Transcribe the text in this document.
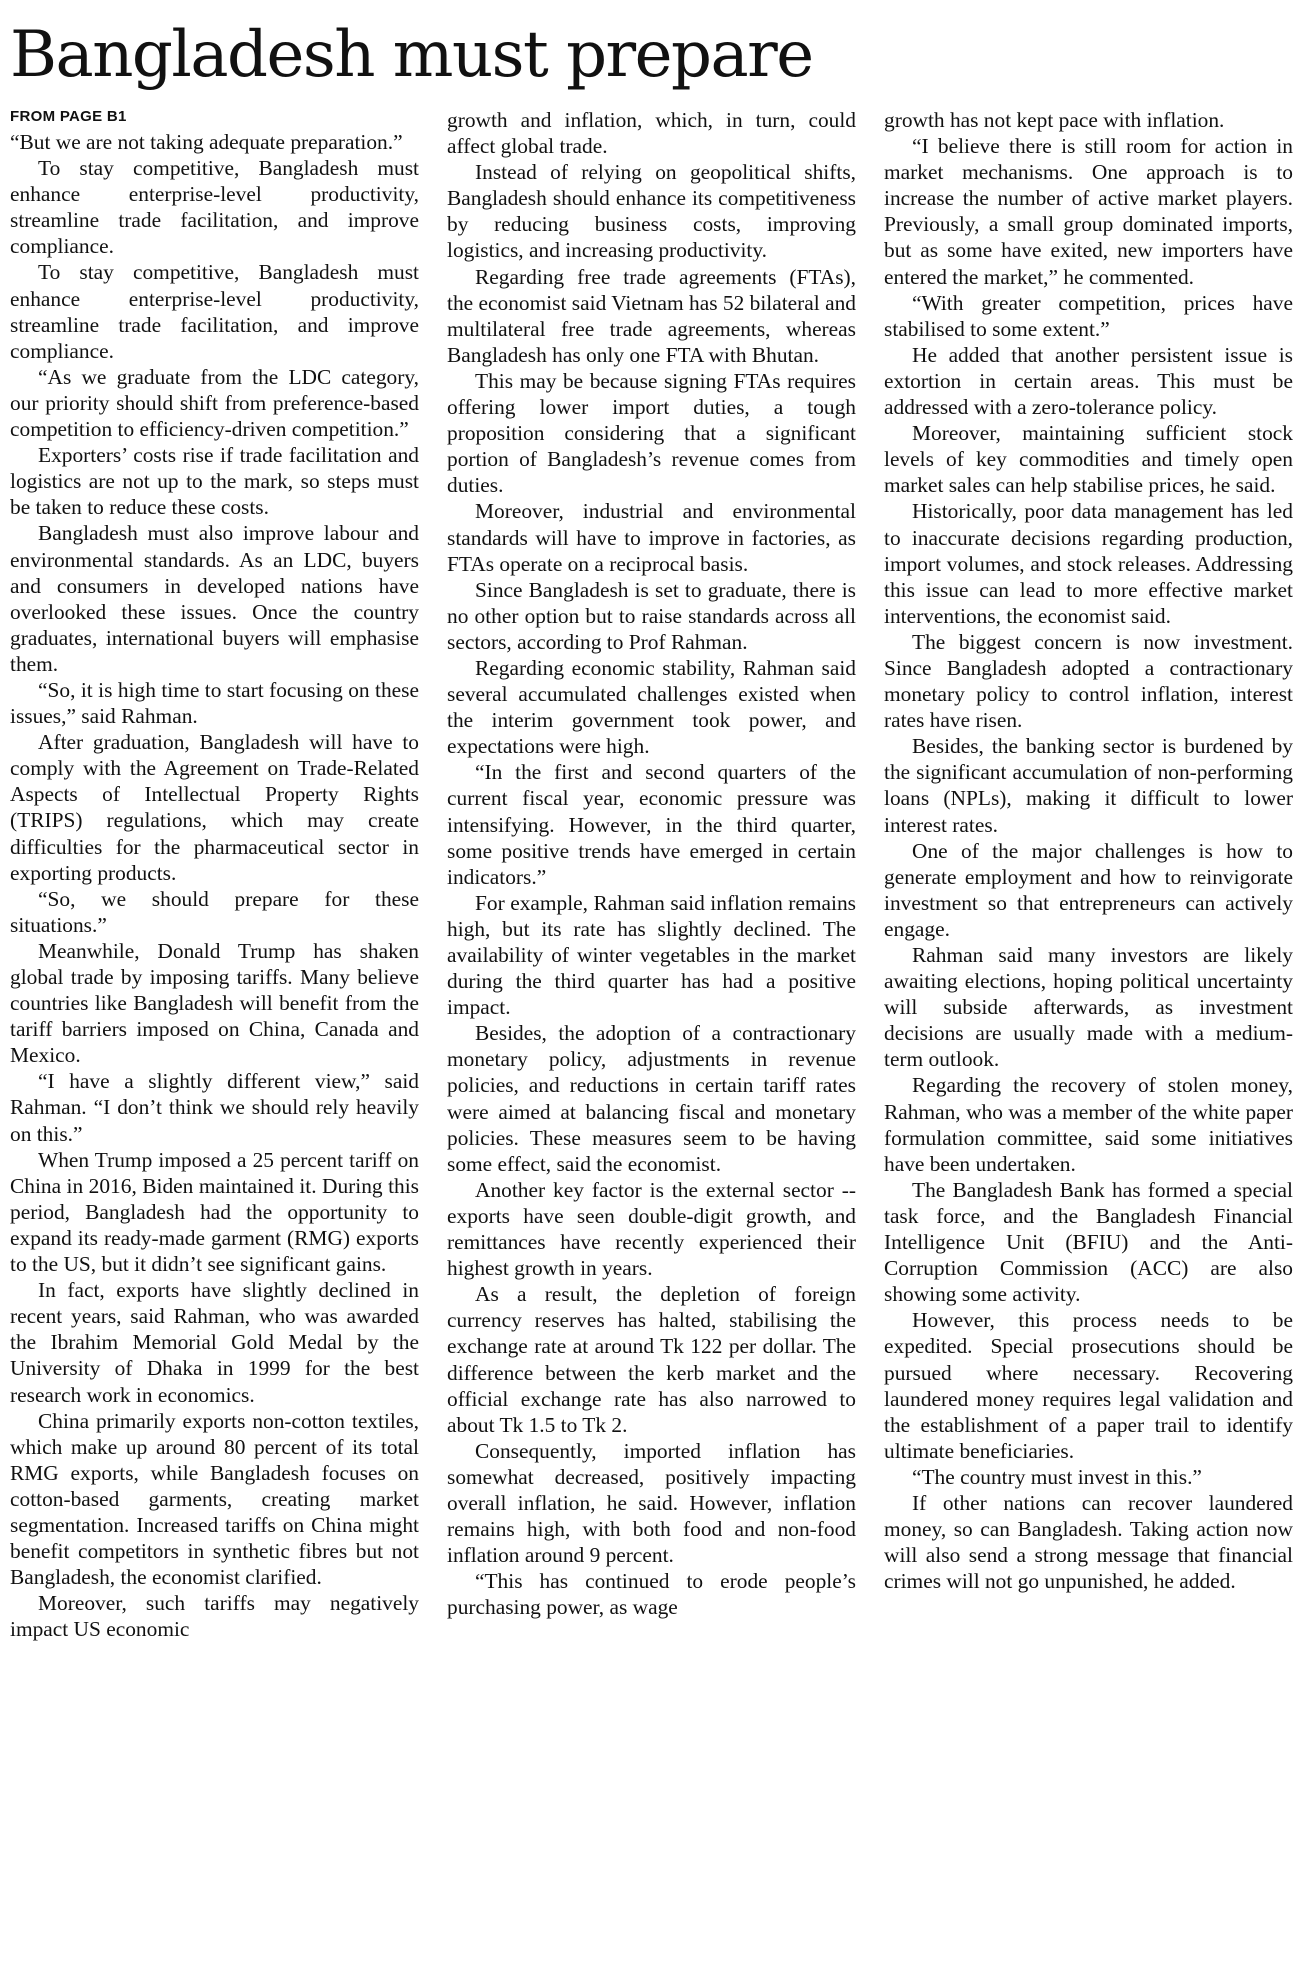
Bangladesh must prepare
FROM PAGE B1

“But we are not taking adequate preparation.”

To stay competitive, Bangladesh must enhance enterprise-level productivity, streamline trade facilitation, and improve compliance.

To stay competitive, Bangladesh must enhance enterprise-level productivity, streamline trade facilitation, and improve compliance.

“As we graduate from the LDC category, our priority should shift from preference-based competition to efficiency-driven competition.”

Exporters’ costs rise if trade facilitation and logistics are not up to the mark, so steps must be taken to reduce these costs.

Bangladesh must also improve labour and environmental standards. As an LDC, buyers and consumers in developed nations have overlooked these issues. Once the country graduates, international buyers will emphasise them.

“So, it is high time to start focusing on these issues,” said Rahman.

After graduation, Bangladesh will have to comply with the Agreement on Trade-Related Aspects of Intellectual Property Rights (TRIPS) regulations, which may create difficulties for the pharmaceutical sector in exporting products.

“So, we should prepare for these situations.”

Meanwhile, Donald Trump has shaken global trade by imposing tariffs. Many believe countries like Bangladesh will benefit from the tariff barriers imposed on China, Canada and Mexico.

“I have a slightly different view,” said Rahman. “I don’t think we should rely heavily on this.”

When Trump imposed a 25 percent tariff on China in 2016, Biden maintained it. During this period, Bangladesh had the opportunity to expand its ready-made garment (RMG) exports to the US, but it didn’t see significant gains.

In fact, exports have slightly declined in recent years, said Rahman, who was awarded the Ibrahim Memorial Gold Medal by the University of Dhaka in 1999 for the best research work in economics.

China primarily exports non-cotton textiles, which make up around 80 percent of its total RMG exports, while Bangladesh focuses on cotton-based garments, creating market segmentation. Increased tariffs on China might benefit competitors in synthetic fibres but not Bangladesh, the economist clarified.

Moreover, such tariffs may negatively impact US economic

growth and inflation, which, in turn, could affect global trade.

Instead of relying on geopolitical shifts, Bangladesh should enhance its competitiveness by reducing business costs, improving logistics, and increasing productivity.

Regarding free trade agreements (FTAs), the economist said Vietnam has 52 bilateral and multilateral free trade agreements, whereas Bangladesh has only one FTA with Bhutan.

This may be because signing FTAs requires offering lower import duties, a tough proposition considering that a significant portion of Bangladesh’s revenue comes from duties.

Moreover, industrial and environmental standards will have to improve in factories, as FTAs operate on a reciprocal basis.

Since Bangladesh is set to graduate, there is no other option but to raise standards across all sectors, according to Prof Rahman.

Regarding economic stability, Rahman said several accumulated challenges existed when the interim government took power, and expectations were high.

“In the first and second quarters of the current fiscal year, economic pressure was intensifying. However, in the third quarter, some positive trends have emerged in certain indicators.”

For example, Rahman said inflation remains high, but its rate has slightly declined. The availability of winter vegetables in the market during the third quarter has had a positive impact.

Besides, the adoption of a contractionary monetary policy, adjustments in revenue policies, and reductions in certain tariff rates were aimed at balancing fiscal and monetary policies. These measures seem to be having some effect, said the economist.

Another key factor is the external sector -- exports have seen double-digit growth, and remittances have recently experienced their highest growth in years.

As a result, the depletion of foreign currency reserves has halted, stabilising the exchange rate at around Tk 122 per dollar. The difference between the kerb market and the official exchange rate has also narrowed to about Tk 1.5 to Tk 2.

Consequently, imported inflation has somewhat decreased, positively impacting overall inflation, he said. However, inflation remains high, with both food and non-food inflation around 9 percent.

“This has continued to erode people’s purchasing power, as wage

growth has not kept pace with inflation.

“I believe there is still room for action in market mechanisms. One approach is to increase the number of active market players. Previously, a small group dominated imports, but as some have exited, new importers have entered the market,” he commented.

“With greater competition, prices have stabilised to some extent.”

He added that another persistent issue is extortion in certain areas. This must be addressed with a zero-tolerance policy.

Moreover, maintaining sufficient stock levels of key commodities and timely open market sales can help stabilise prices, he said.

Historically, poor data management has led to inaccurate decisions regarding production, import volumes, and stock releases. Addressing this issue can lead to more effective market interventions, the economist said.

The biggest concern is now investment. Since Bangladesh adopted a contractionary monetary policy to control inflation, interest rates have risen.

Besides, the banking sector is burdened by the significant accumulation of non-performing loans (NPLs), making it difficult to lower interest rates.

One of the major challenges is how to generate employment and how to reinvigorate investment so that entrepreneurs can actively engage.

Rahman said many investors are likely awaiting elections, hoping political uncertainty will subside afterwards, as investment decisions are usually made with a medium-term outlook.

Regarding the recovery of stolen money, Rahman, who was a member of the white paper formulation committee, said some initiatives have been undertaken.

The Bangladesh Bank has formed a special task force, and the Bangladesh Financial Intelligence Unit (BFIU) and the Anti-Corruption Commission (ACC) are also showing some activity.

However, this process needs to be expedited. Special prosecutions should be pursued where necessary. Recovering laundered money requires legal validation and the establishment of a paper trail to identify ultimate beneficiaries.

“The country must invest in this.”

If other nations can recover laundered money, so can Bangladesh. Taking action now will also send a strong message that financial crimes will not go unpunished, he added.
